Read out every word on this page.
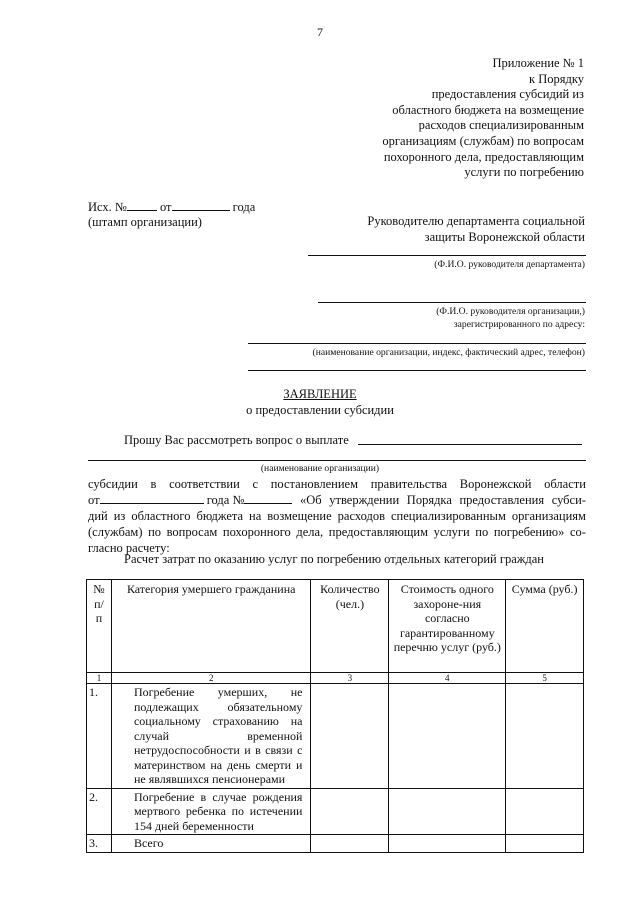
7
Приложение № 1
к Порядку
предоставления субсидий из
областного бюджета на возмещение
расходов специализированным
организациям (службам) по вопросам
похоронного дела, предоставляющим
услуги по погребению
Исх. №	от	года
(штамп организации)	Руководителю департамента социальной
защиты Воронежской области
(Ф.И.О. руководителя департамента)
(Ф.И.О. руководителя организации,)
зарегистрированного по адресу:
(наименование организации, индекс, фактический адрес, телефон)
ЗАЯВЛЕНИЕ
о предоставлении субсидии
Прошу Вас рассмотреть вопрос о выплате
(наименование организации)
субсидии в соответствии с постановлением правительства Воронежской области
от	года №	«Об утверждении Порядка предоставления субси-
дий из областного бюджета на возмещение расходов специализированным организациям
(службам) по вопросам похоронного дела, предоставляющим услуги по погребению» со-
гласно расчету:
Расчет затрат по оказанию услуг по погребению отдельных категорий граждан
№ п/п	Категория умершего гражданина	Количество (чел.)	Стоимость одного захороне-ния согласно гарантированному перечню услуг (руб.)	Сумма (руб.)
1	2	3	4	5
1.	Погребение умерших, не подлежащих обязательному социальному страхованию на случай временной нетрудоспособности и в связи с материнством на день смерти и не являвшихся пенсионерами			
2.	Погребение в случае рождения мертвого ребенка по истечении 154 дней беременности			
3.	Всего			
